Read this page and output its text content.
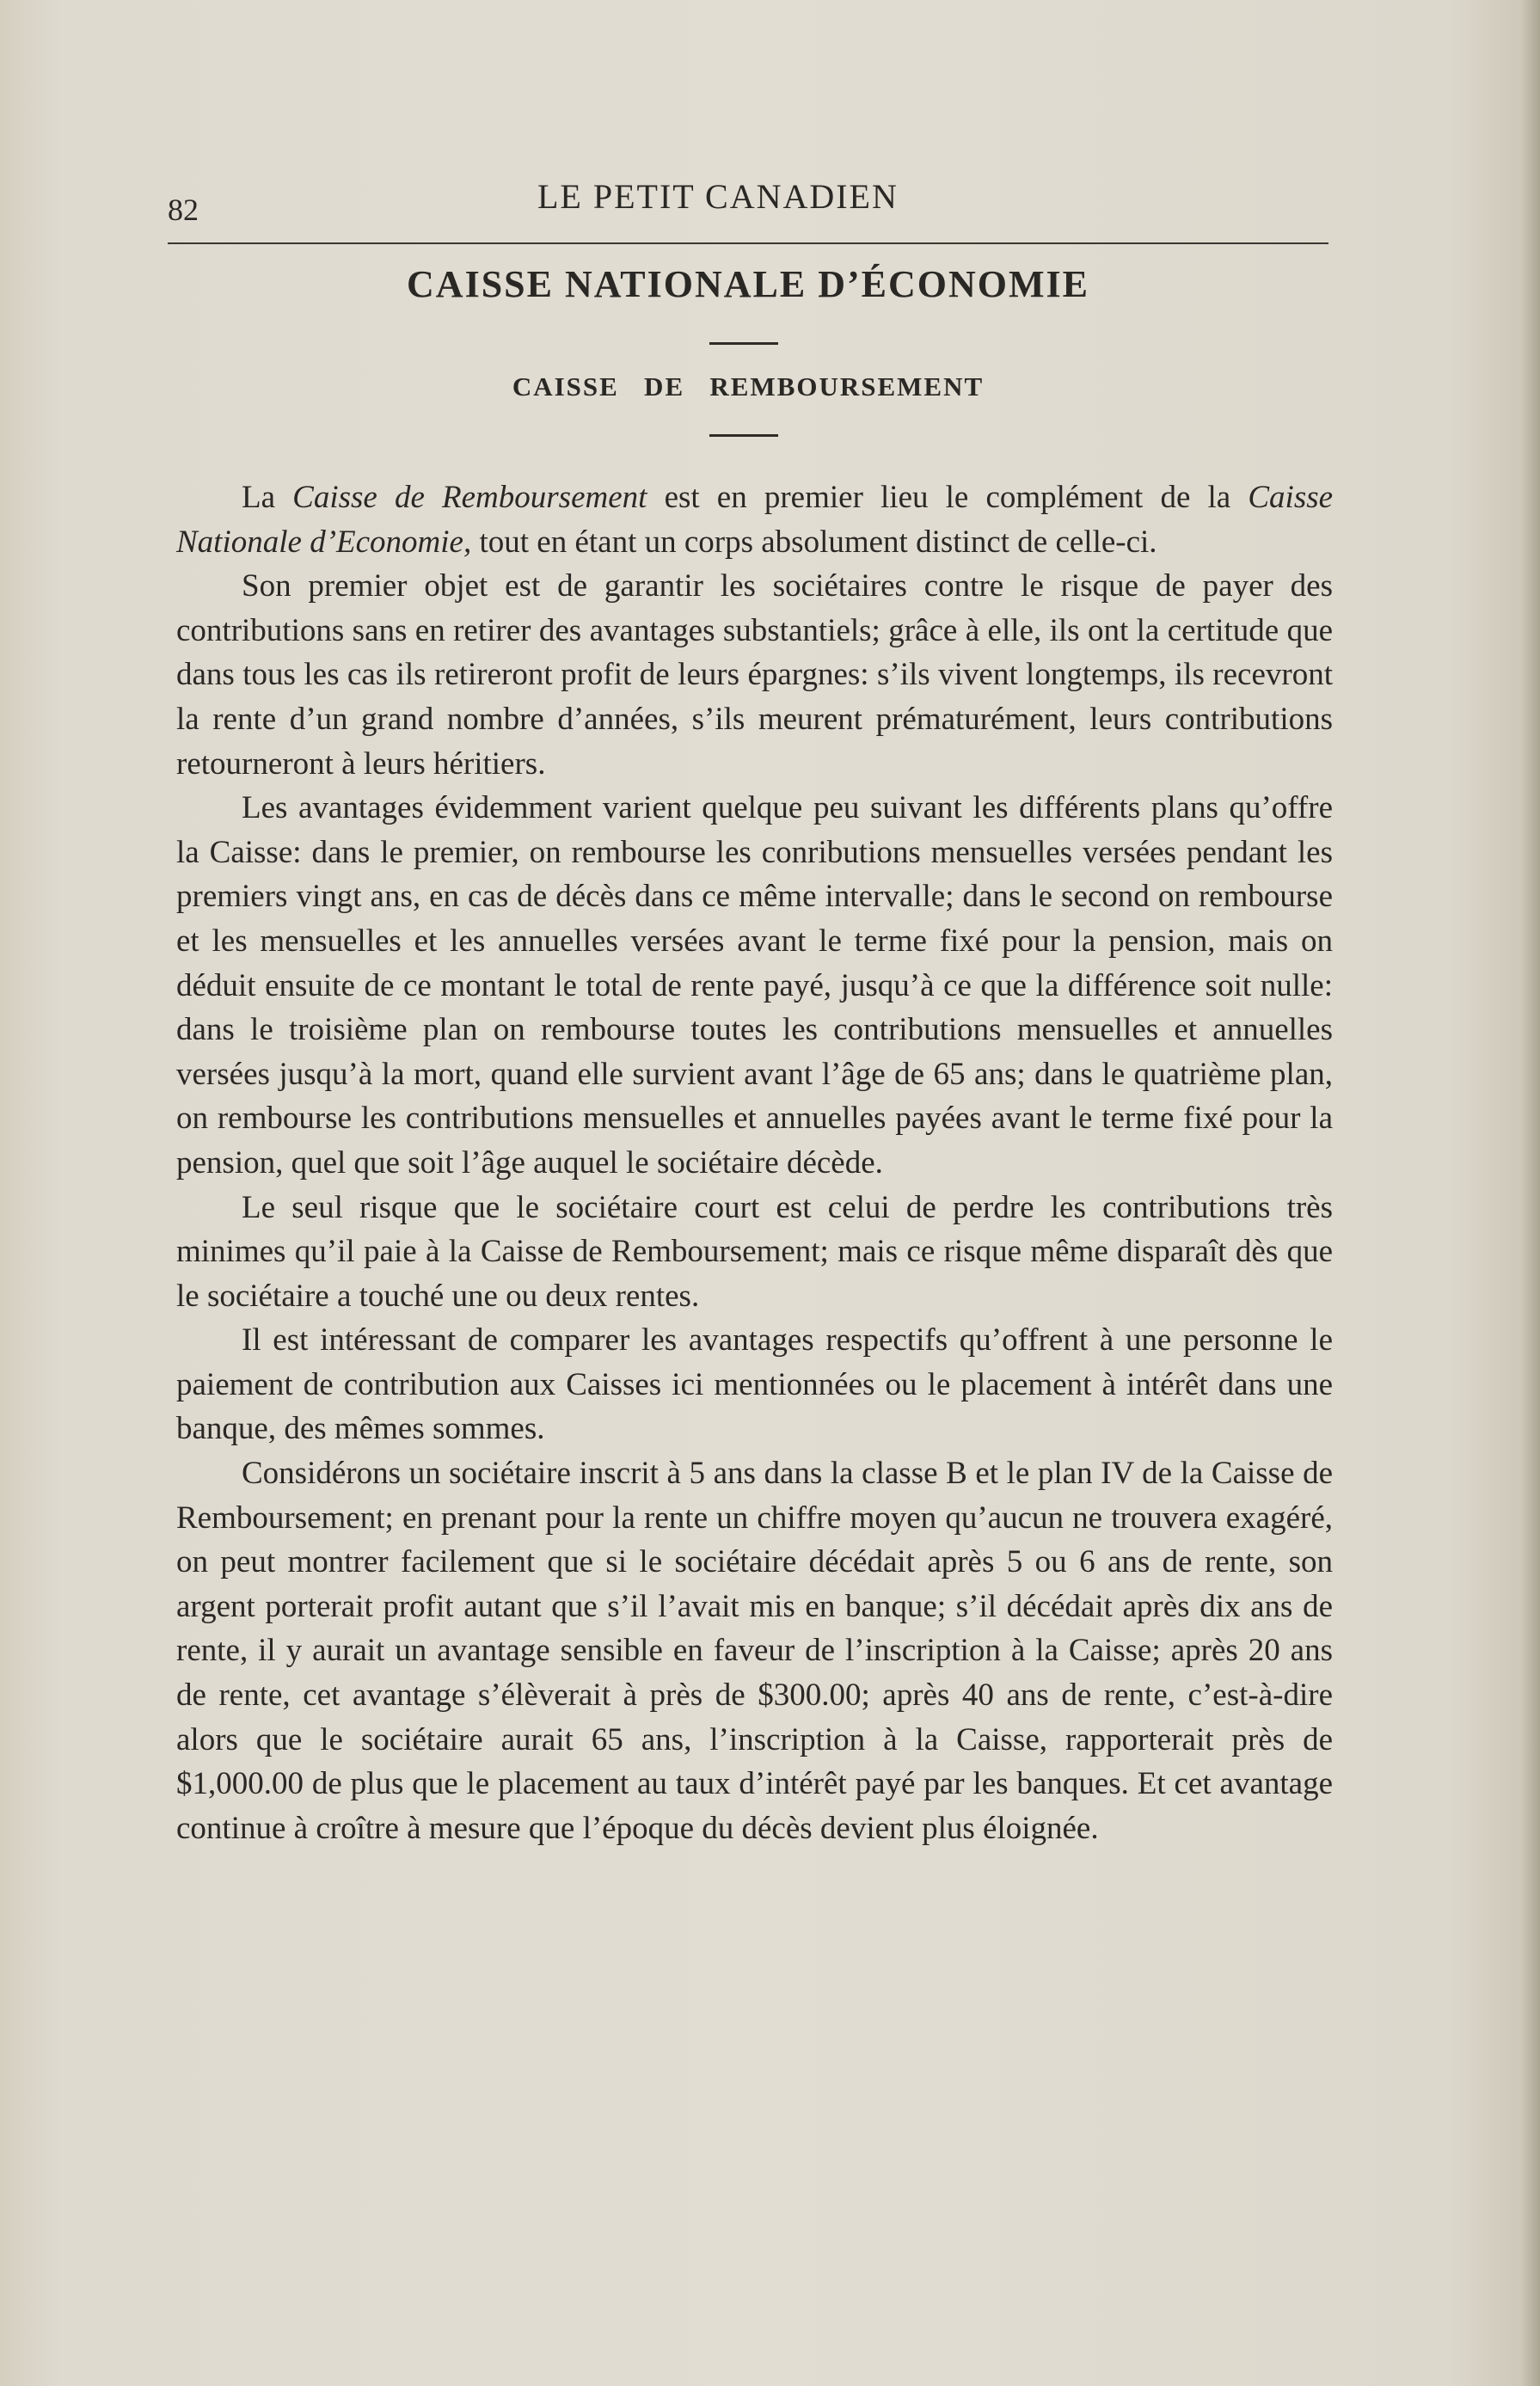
82	LE PETIT CANADIEN
CAISSE NATIONALE D’ÉCONOMIE
CAISSE   DE   REMBOURSEMENT

La Caisse de Remboursement est en premier lieu le complément de la Caisse Nationale d’Economie, tout en étant un corps absolument distinct de celle-ci.

Son premier objet est de garantir les sociétaires contre le risque de payer des contributions sans en retirer des avantages substantiels; grâce à elle, ils ont la certitude que dans tous les cas ils retireront profit de leurs épargnes: s’ils vivent longtemps, ils recevront la rente d’un grand nombre d’années, s’ils meurent prématurément, leurs contributions retourneront à leurs héritiers.

Les avantages évidemment varient quelque peu suivant les différents plans qu’offre la Caisse: dans le premier, on rembourse les conributions mensuelles versées pendant les premiers vingt ans, en cas de décès dans ce même intervalle; dans le second on rembourse et les mensuelles et les annuelles versées avant le terme fixé pour la pension, mais on déduit ensuite de ce montant le total de rente payé, jusqu’à ce que la différence soit nulle: dans le troisième plan on rembourse toutes les contributions mensuelles et annuelles versées jusqu’à la mort, quand elle survient avant l’âge de 65 ans; dans le quatrième plan, on rembourse les contributions mensuelles et annuelles payées avant le terme fixé pour la pension, quel que soit l’âge auquel le sociétaire décède.

Le seul risque que le sociétaire court est celui de perdre les contributions très minimes qu’il paie à la Caisse de Remboursement; mais ce risque même disparaît dès que le sociétaire a touché une ou deux rentes.

Il est intéressant de comparer les avantages respectifs qu’offrent à une personne le paiement de contribution aux Caisses ici mentionnées ou le placement à intérêt dans une banque, des mêmes sommes.

Considérons un sociétaire inscrit à 5 ans dans la classe B et le plan IV de la Caisse de Remboursement; en prenant pour la rente un chiffre moyen qu’aucun ne trouvera exagéré, on peut montrer facilement que si le sociétaire décédait après 5 ou 6 ans de rente, son argent porterait profit autant que s’il l’avait mis en banque; s’il décédait après dix ans de rente, il y aurait un avantage sensible en faveur de l’inscription à la Caisse; après 20 ans de rente, cet avantage s’élèverait à près de $300.00; après 40 ans de rente, c’est-à-dire alors que le sociétaire aurait 65 ans, l’inscription à la Caisse, rapporterait près de $1,000.00 de plus que le placement au taux d’intérêt payé par les banques. Et cet avantage continue à croître à mesure que l’époque du décès devient plus éloignée.
